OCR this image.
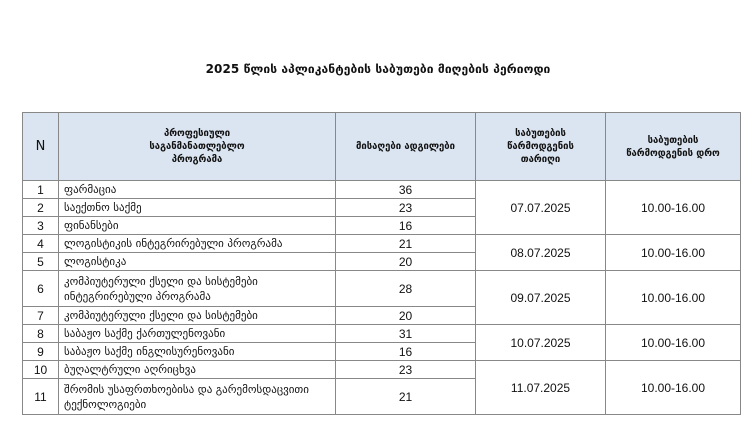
2025 წლის აპლიკანტების საბუთები მიღების პერიოდი
N	პროფესიული საგანმანათლებლო პროგრამა	მისაღები ადგილები	საბუთების წარმოდგენის თარიღი	საბუთების წარმოდგენის დრო
1	ფარმაცია	36	07.07.2025	10.00-16.00
2	საექთნო საქმე	23		
3	ფინანსები	16		
4	ლოგისტიკის ინტეგრირებული პროგრამა	21	08.07.2025	10.00-16.00
5	ლოგისტიკა	20		
6	კომპიუტერული ქსელი და სისტემები ინტეგრირებული პროგრამა	28	09.07.2025	10.00-16.00
7	კომპიუტერული ქსელი და სისტემები	20		
8	საბაჟო საქმე ქართულენოვანი	31	10.07.2025	10.00-16.00
9	საბაჟო საქმე ინგლისურენოვანი	16		
10	ბუღალტრული აღრიცხვა	23	11.07.2025	10.00-16.00
11	შრომის უსაფრთხოებისა და გარემოსდაცვითი ტექნოლოგიები	21		
